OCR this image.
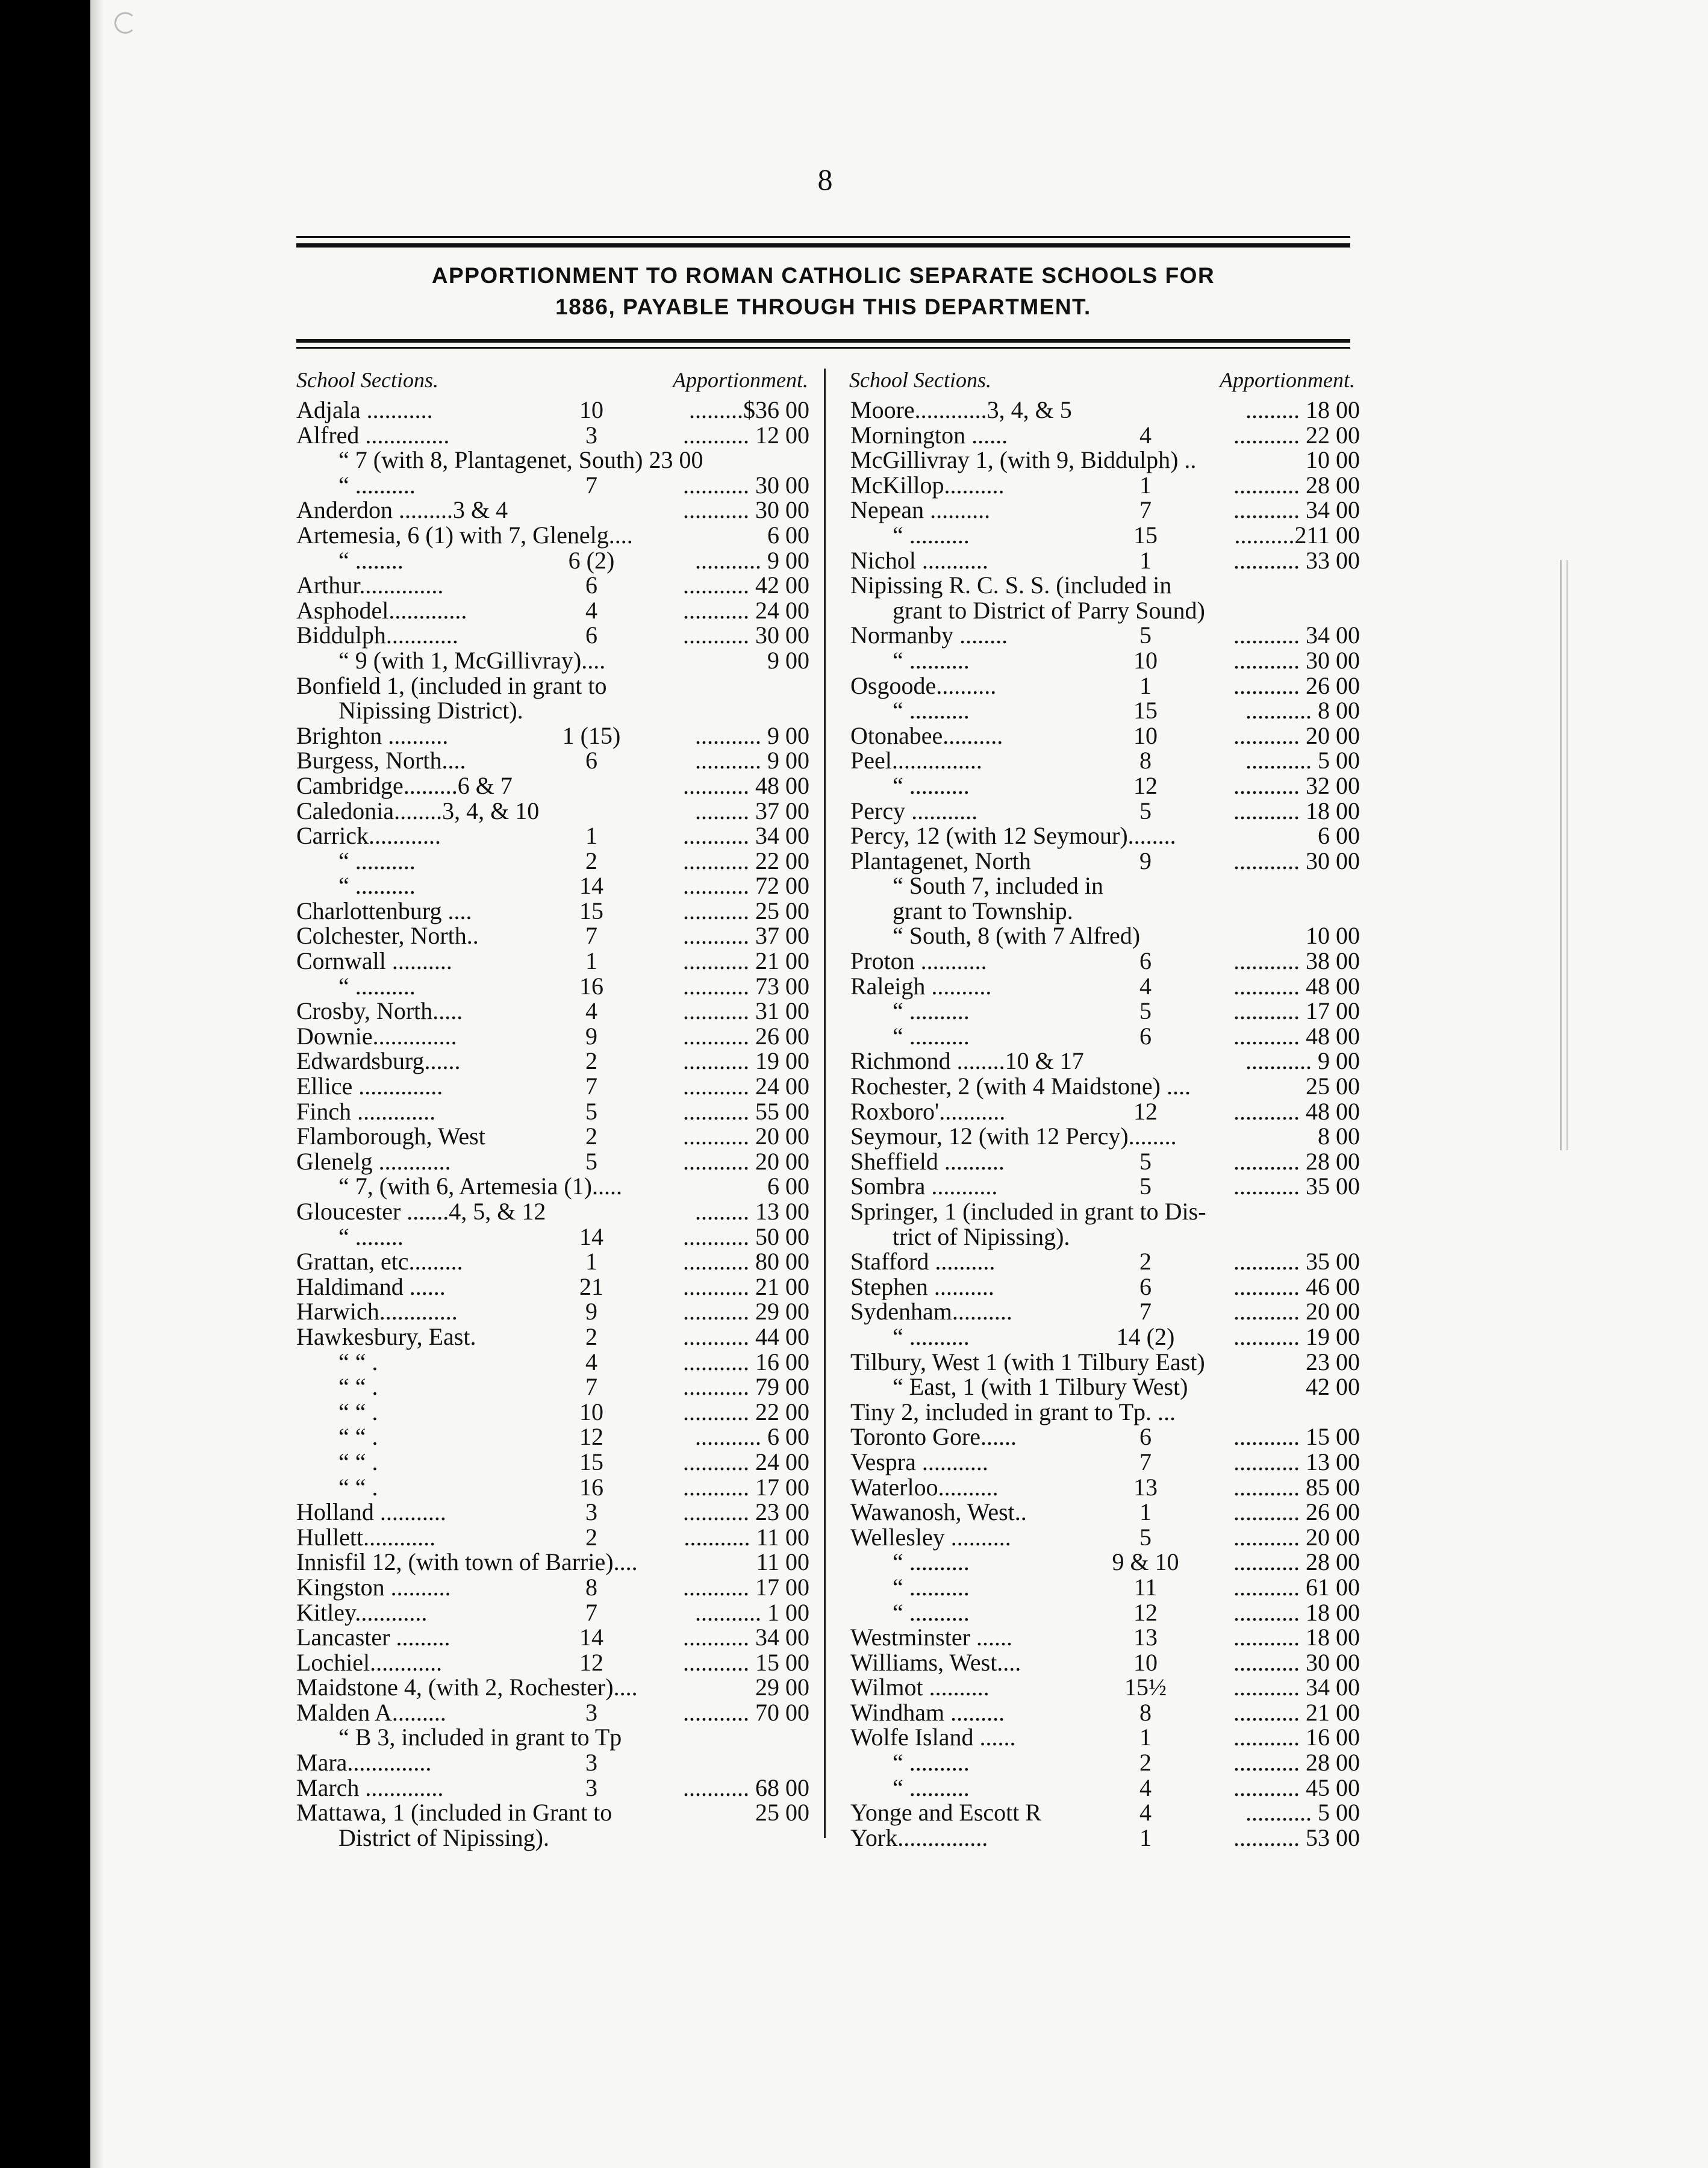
8
APPORTIONMENT TO ROMAN CATHOLIC SEPARATE SCHOOLS FOR
1886, PAYABLE THROUGH THIS DEPARTMENT.
School Sections.	Apportionment. School Sections.	Apportionment.
Adjala ...........	10	.........$36 00
Alfred ..............	3	........... 12 00
“ 7 (with 8, Plantagenet, South) 23 00
“ ..........	7	........... 30 00
Anderdon .........3 & 4	........... 30 00
Artemesia, 6 (1) with 7, Glenelg....	6 00
“ ........	6 (2)	........... 9 00
Arthur..............	6	........... 42 00
Asphodel.............	4	........... 24 00
Biddulph............	6	........... 30 00
“ 9 (with 1, McGillivray)....	9 00
Bonfield 1, (included in grant to
Nipissing District).
Brighton ..........	1 (15)	........... 9 00
Burgess, North....	6	........... 9 00
Cambridge.........6 & 7	........... 48 00
Caledonia........3, 4, & 10	......... 37 00
Carrick............	1	........... 34 00
“ ..........	2	........... 22 00
“ ..........	14	........... 72 00
Charlottenburg ....	15	........... 25 00
Colchester, North..	7	........... 37 00
Cornwall ..........	1	........... 21 00
“ ..........	16	........... 73 00
Crosby, North.....	4	........... 31 00
Downie..............	9	........... 26 00
Edwardsburg......	2	........... 19 00
Ellice ..............	7	........... 24 00
Finch .............	5	........... 55 00
Flamborough, West	2	........... 20 00
Glenelg ............	5	........... 20 00
“ 7, (with 6, Artemesia (1).....	6 00
Gloucester .......4, 5, & 12	......... 13 00
“ ........	14	........... 50 00
Grattan, etc.........	1	........... 80 00
Haldimand ......	21	........... 21 00
Harwich.............	9	........... 29 00
Hawkesbury, East.	2	........... 44 00
“ “ .	4	........... 16 00
“ “ .	7	........... 79 00
“ “ .	10	........... 22 00
“ “ .	12	........... 6 00
“ “ .	15	........... 24 00
“ “ .	16	........... 17 00
Holland ...........	3	........... 23 00
Hullett............	2	........... 11 00
Innisfil 12, (with town of Barrie)....	11 00
Kingston ..........	8	........... 17 00
Kitley............	7	........... 1 00
Lancaster .........	14	........... 34 00
Lochiel............	12	........... 15 00
Maidstone 4, (with 2, Rochester)....	29 00
Malden A.........	3	........... 70 00
“ B 3, included in grant to Tp
Mara..............	3
March .............	3	........... 68 00
Mattawa, 1 (included in Grant to	25 00
District of Nipissing).
Moore............3, 4, & 5	......... 18 00
Mornington ......	4	........... 22 00
McGillivray 1, (with 9, Biddulph) ..	10 00
McKillop..........	1	........... 28 00
Nepean ..........	7	........... 34 00
“ ..........	15	..........211 00
Nichol ...........	1	........... 33 00
Nipissing R. C. S. S. (included in
grant to District of Parry Sound)
Normanby ........	5	........... 34 00
“ ..........	10	........... 30 00
Osgoode..........	1	........... 26 00
“ ..........	15	........... 8 00
Otonabee..........	10	........... 20 00
Peel...............	8	........... 5 00
“ ..........	12	........... 32 00
Percy ...........	5	........... 18 00
Percy, 12 (with 12 Seymour)........	6 00
Plantagenet, North	9	........... 30 00
“ South 7, included in
grant to Township.
“ South, 8 (with 7 Alfred)	10 00
Proton ...........	6	........... 38 00
Raleigh ..........	4	........... 48 00
“ ..........	5	........... 17 00
“ ..........	6	........... 48 00
Richmond ........10 & 17	........... 9 00
Rochester, 2 (with 4 Maidstone) ....	25 00
Roxboro'...........	12	........... 48 00
Seymour, 12 (with 12 Percy)........	8 00
Sheffield ..........	5	........... 28 00
Sombra ...........	5	........... 35 00
Springer, 1 (included in grant to Dis-
trict of Nipissing).
Stafford ..........	2	........... 35 00
Stephen ..........	6	........... 46 00
Sydenham..........	7	........... 20 00
“ ..........	14 (2)	........... 19 00
Tilbury, West 1 (with 1 Tilbury East)	23 00
“ East, 1 (with 1 Tilbury West)	42 00
Tiny 2, included in grant to Tp. ...
Toronto Gore......	6	........... 15 00
Vespra ...........	7	........... 13 00
Waterloo..........	13	........... 85 00
Wawanosh, West..	1	........... 26 00
Wellesley ..........	5	........... 20 00
“ ..........	9 & 10	........... 28 00
“ ..........	11	........... 61 00
“ ..........	12	........... 18 00
Westminster ......	13	........... 18 00
Williams, West....	10	........... 30 00
Wilmot ..........	15½	........... 34 00
Windham .........	8	........... 21 00
Wolfe Island ......	1	........... 16 00
“ ..........	2	........... 28 00
“ ..........	4	........... 45 00
Yonge and Escott R	4	........... 5 00
York...............	1	........... 53 00
